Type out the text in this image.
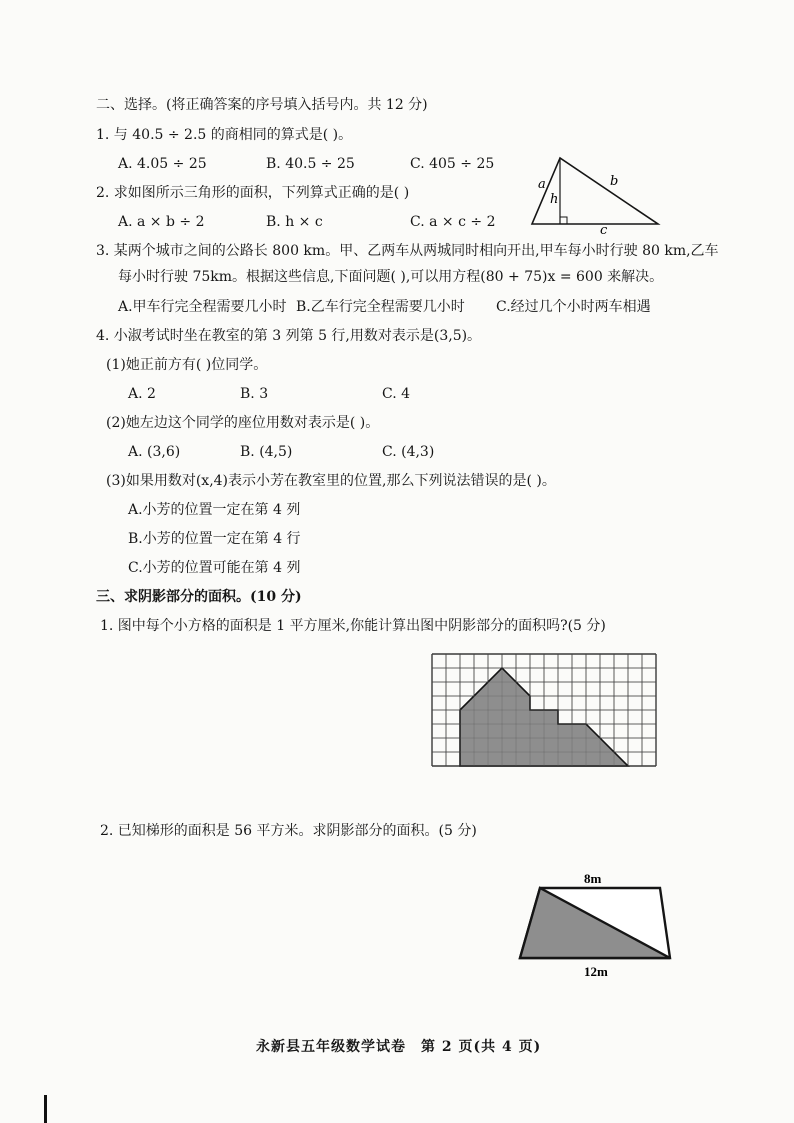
二、选择。(将正确答案的序号填入括号内。共 12 分)
1. 与 40.5 ÷ 2.5 的商相同的算式是( )。
A. 4.05 ÷ 25	B. 40.5 ÷ 25	C. 405 ÷ 25
2. 求如图所示三角形的面积，下列算式正确的是( )
A. a × b ÷ 2	B. h × c	C. a × c ÷ 2
a
h
b
c
3. 某两个城市之间的公路长 800 km。甲、乙两车从两城同时相向开出,甲车每小时行驶 80 km,乙车
每小时行驶 75km。根据这些信息,下面问题( ),可以用方程(80 + 75)x = 600 来解决。
A.甲车行完全程需要几小时 B.乙车行完全程需要几小时 C.经过几个小时两车相遇
4. 小淑考试时坐在教室的第 3 列第 5 行,用数对表示是(3,5)。
(1)她正前方有( )位同学。
A. 2	B. 3	C. 4
(2)她左边这个同学的座位用数对表示是( )。
A. (3,6)	B. (4,5)	C. (4,3)
(3)如果用数对(x,4)表示小芳在教室里的位置,那么下列说法错误的是( )。
A.小芳的位置一定在第 4 列
B.小芳的位置一定在第 4 行
C.小芳的位置可能在第 4 列
三、求阴影部分的面积。(10 分)
1. 图中每个小方格的面积是 1 平方厘米,你能计算出图中阴影部分的面积吗?(5 分)
2. 已知梯形的面积是 56 平方米。求阴影部分的面积。(5 分)
8m
12m
永新县五年级数学试卷　第 2 页(共 4 页)
